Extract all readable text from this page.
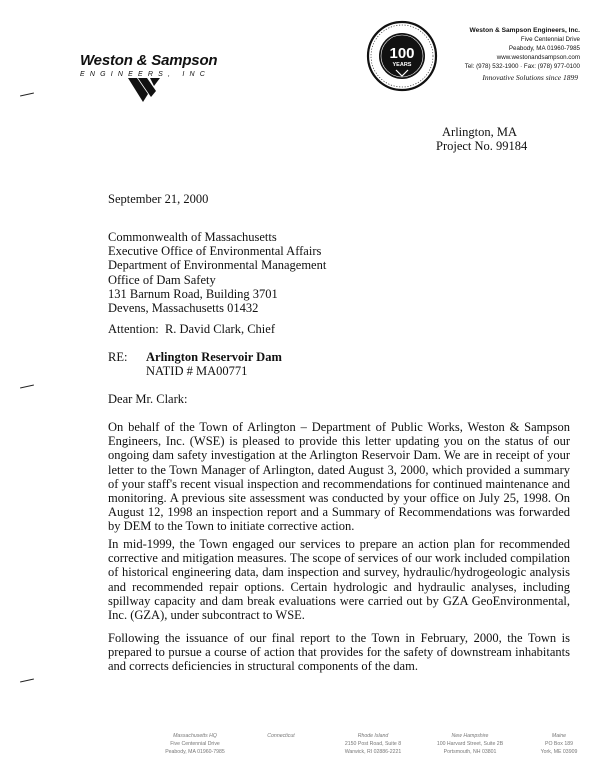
Weston & Sampson
ENGINEERS, INC
100
YEARS
Weston & Sampson Engineers, Inc.
Five Centennial Drive
Peabody, MA 01960-7985
www.westonandsampson.com
Tel: (978) 532-1900 · Fax: (978) 977-0100
Innovative Solutions since 1899
Arlington, MA
Project No. 99184
September 21, 2000
Commonwealth of Massachusetts
Executive Office of Environmental Affairs
Department of Environmental Management
Office of Dam Safety
131 Barnum Road, Building 3701
Devens, Massachusetts 01432
Attention:  R. David Clark, Chief
RE: Arlington Reservoir Dam
NATID # MA00771
Dear Mr. Clark:
On behalf of the Town of Arlington – Department of Public Works, Weston & Sampson Engineers, Inc. (WSE) is pleased to provide this letter updating you on the status of our ongoing dam safety investigation at the Arlington Reservoir Dam. We are in receipt of your letter to the Town Manager of Arlington, dated August 3, 2000, which provided a summary of your staff's recent visual inspection and recommendations for continued maintenance and monitoring. A previous site assessment was conducted by your office on July 25, 1998. On August 12, 1998 an inspection report and a Summary of Recommendations was forwarded by DEM to the Town to initiate corrective action.
In mid-1999, the Town engaged our services to prepare an action plan for recommended corrective and mitigation measures. The scope of services of our work included compilation of historical engineering data, dam inspection and survey, hydraulic/hydrogeologic analysis and recommended repair options. Certain hydrologic and hydraulic analyses, including spillway capacity and dam break evaluations were carried out by GZA GeoEnvironmental, Inc. (GZA), under subcontract to WSE.
Following the issuance of our final report to the Town in February, 2000, the Town is prepared to pursue a course of action that provides for the safety of downstream inhabitants and corrects deficiencies in structural components of the dam.
Massachusetts HQ
Five Centennial Drive
Peabody, MA 01960-7985
Connecticut	Rhode Island
2150 Post Road, Suite 8
Warwick, RI 02886-2221
New Hampshire
100 Harvard Street, Suite 2B
Portsmouth, NH 03801
Maine
PO Box 189
York, ME 03909
